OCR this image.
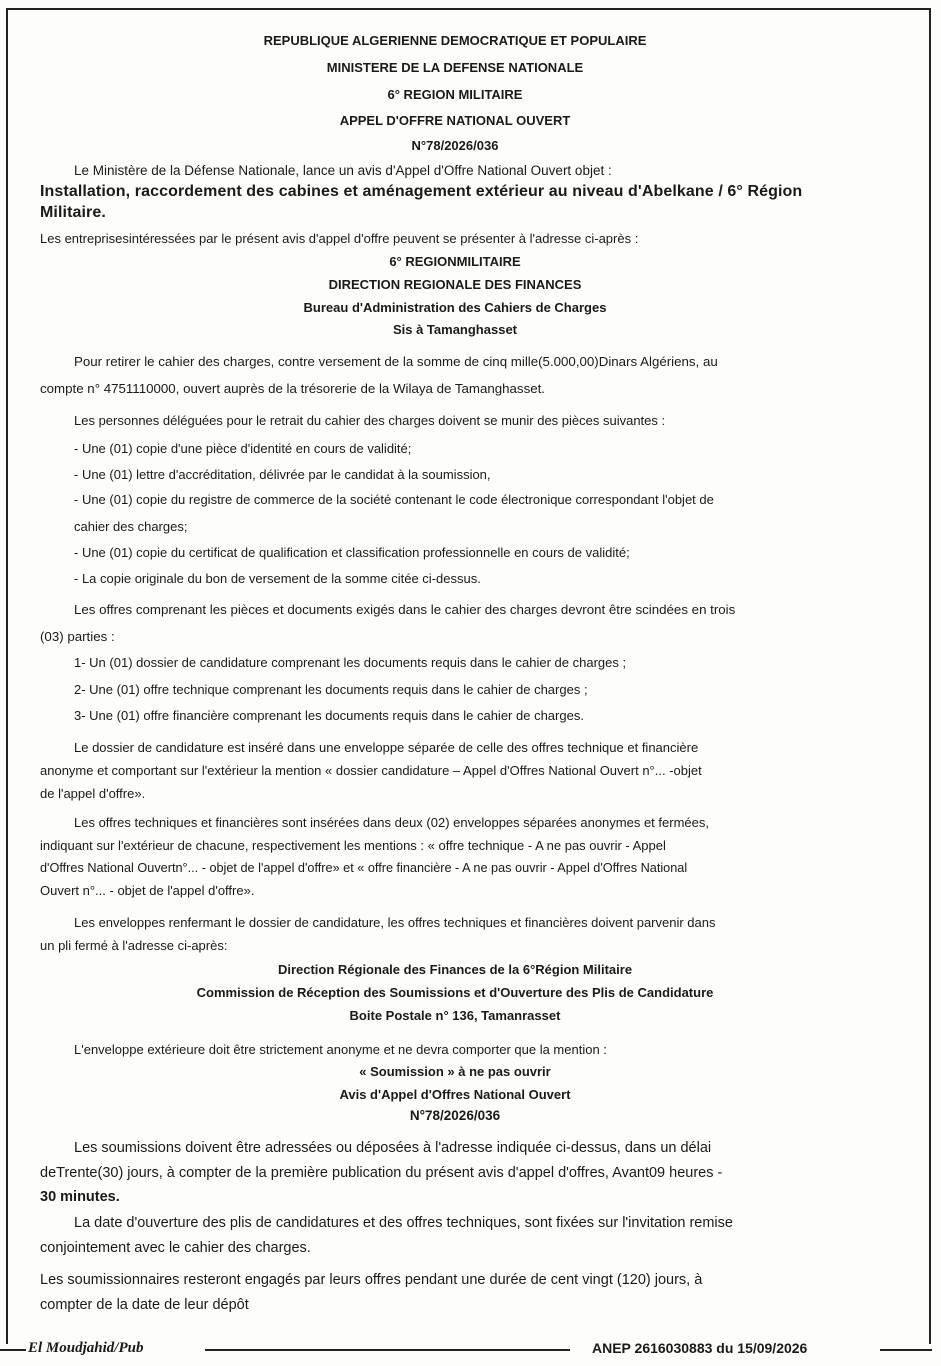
REPUBLIQUE ALGERIENNE DEMOCRATIQUE ET POPULAIRE
MINISTERE DE LA DEFENSE NATIONALE
6° REGION MILITAIRE
APPEL D'OFFRE NATIONAL OUVERT
N°78/2026/036
Le Ministère de la Défense Nationale, lance un avis d'Appel d'Offre National Ouvert objet :
Installation, raccordement des cabines et aménagement extérieur au niveau d'Abelkane / 6° Région
Militaire.
Les entreprisesintéressées par le présent avis d'appel d'offre peuvent se présenter à l'adresse ci-après :
6° REGIONMILITAIRE
DIRECTION REGIONALE DES FINANCES
Bureau d'Administration des Cahiers de Charges
Sis à Tamanghasset
Pour retirer le cahier des charges, contre versement de la somme de cinq mille(5.000,00)Dinars Algériens, au
compte n° 4751110000, ouvert auprès de la trésorerie de la Wilaya de Tamanghasset.
Les personnes déléguées pour le retrait du cahier des charges doivent se munir des pièces suivantes :
- Une (01) copie d'une pièce d'identité en cours de validité;
- Une (01) lettre d'accréditation, délivrée par le candidat à la soumission,
- Une (01) copie du registre de commerce de la société contenant le code électronique correspondant l'objet de
cahier des charges;
- Une (01) copie du certificat de qualification et classification professionnelle en cours de validité;
- La copie originale du bon de versement de la somme citée ci-dessus.
Les offres comprenant les pièces et documents exigés dans le cahier des charges devront être scindées en trois
(03) parties :
1- Un (01) dossier de candidature comprenant les documents requis dans le cahier de charges ;
2- Une (01) offre technique comprenant les documents requis dans le cahier de charges ;
3- Une (01) offre financière comprenant les documents requis dans le cahier de charges.
Le dossier de candidature est inséré dans une enveloppe séparée de celle des offres technique et financière
anonyme et comportant sur l'extérieur la mention « dossier candidature – Appel d'Offres National Ouvert n°... -objet
de l'appel d'offre».
Les offres techniques et financières sont insérées dans deux (02) enveloppes séparées anonymes et fermées,
indiquant sur l'extérieur de chacune, respectivement les mentions : « offre technique - A ne pas ouvrir - Appel
d'Offres National Ouvertn°... - objet de l'appel d'offre» et « offre financière - A ne pas ouvrir - Appel d'Offres National
Ouvert n°... - objet de l'appel d'offre».
Les enveloppes renfermant le dossier de candidature, les offres techniques et financières doivent parvenir dans
un pli fermé à l'adresse ci-après:
Direction Régionale des Finances de la 6°Région Militaire
Commission de Réception des Soumissions et d'Ouverture des Plis de Candidature
Boite Postale n° 136, Tamanrasset
L'enveloppe extérieure doit être strictement anonyme et ne devra comporter que la mention :
« Soumission » à ne pas ouvrir
Avis d'Appel d'Offres National Ouvert
N°78/2026/036
Les soumissions doivent être adressées ou déposées à l'adresse indiquée ci-dessus, dans un délai
deTrente(30) jours, à compter de la première publication du présent avis d'appel d'offres, Avant09 heures -
30 minutes.
La date d'ouverture des plis de candidatures et des offres techniques, sont fixées sur l'invitation remise
conjointement avec le cahier des charges.
Les soumissionnaires resteront engagés par leurs offres pendant une durée de cent vingt (120) jours, à
compter de la date de leur dépôt
El Moudjahid/Pub	ANEP 2616030883 du 15/09/2026
